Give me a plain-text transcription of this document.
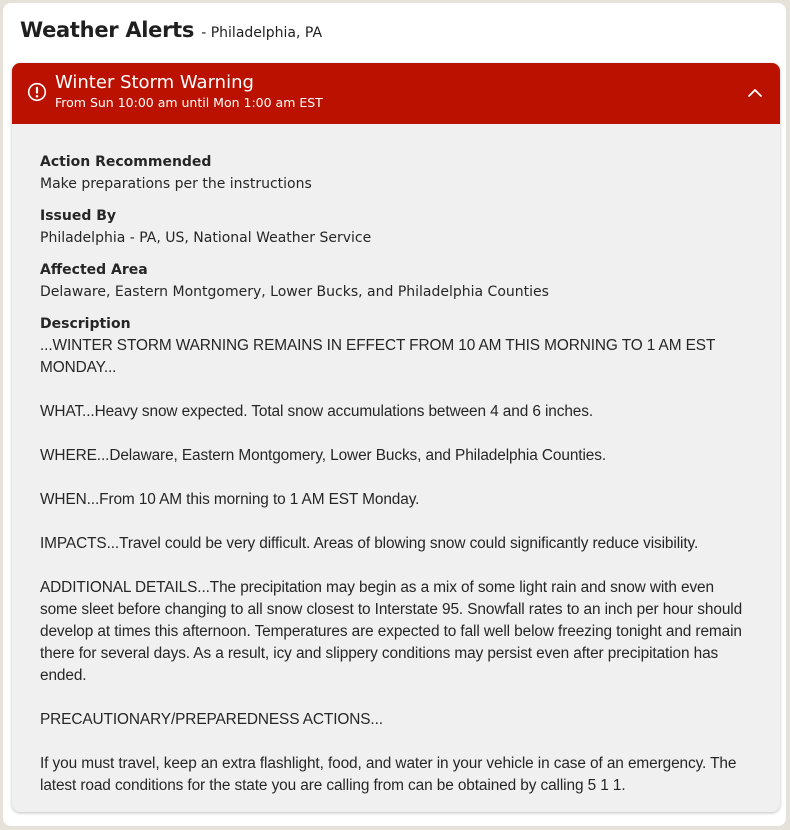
Weather Alerts - Philadelphia, PA
Winter Storm Warning
From Sun 10:00 am until Mon 1:00 am EST
Action Recommended
Make preparations per the instructions
Issued By
Philadelphia - PA, US, National Weather Service
Affected Area
Delaware, Eastern Montgomery, Lower Bucks, and Philadelphia Counties
Description

...WINTER STORM WARNING REMAINS IN EFFECT FROM 10 AM THIS MORNING TO 1 AM EST MONDAY...

WHAT...Heavy snow expected. Total snow accumulations between 4 and 6 inches.

WHERE...Delaware, Eastern Montgomery, Lower Bucks, and Philadelphia Counties.

WHEN...From 10 AM this morning to 1 AM EST Monday.

IMPACTS...Travel could be very difficult. Areas of blowing snow could significantly reduce visibility.

ADDITIONAL DETAILS...The precipitation may begin as a mix of some light rain and snow with even some sleet before changing to all snow closest to Interstate 95. Snowfall rates to an inch per hour should develop at times this afternoon. Temperatures are expected to fall well below freezing tonight and remain there for several days. As a result, icy and slippery conditions may persist even after precipitation has ended.

PRECAUTIONARY/PREPAREDNESS ACTIONS...

If you must travel, keep an extra flashlight, food, and water in your vehicle in case of an emergency. The latest road conditions for the state you are calling from can be obtained by calling 5 1 1.
